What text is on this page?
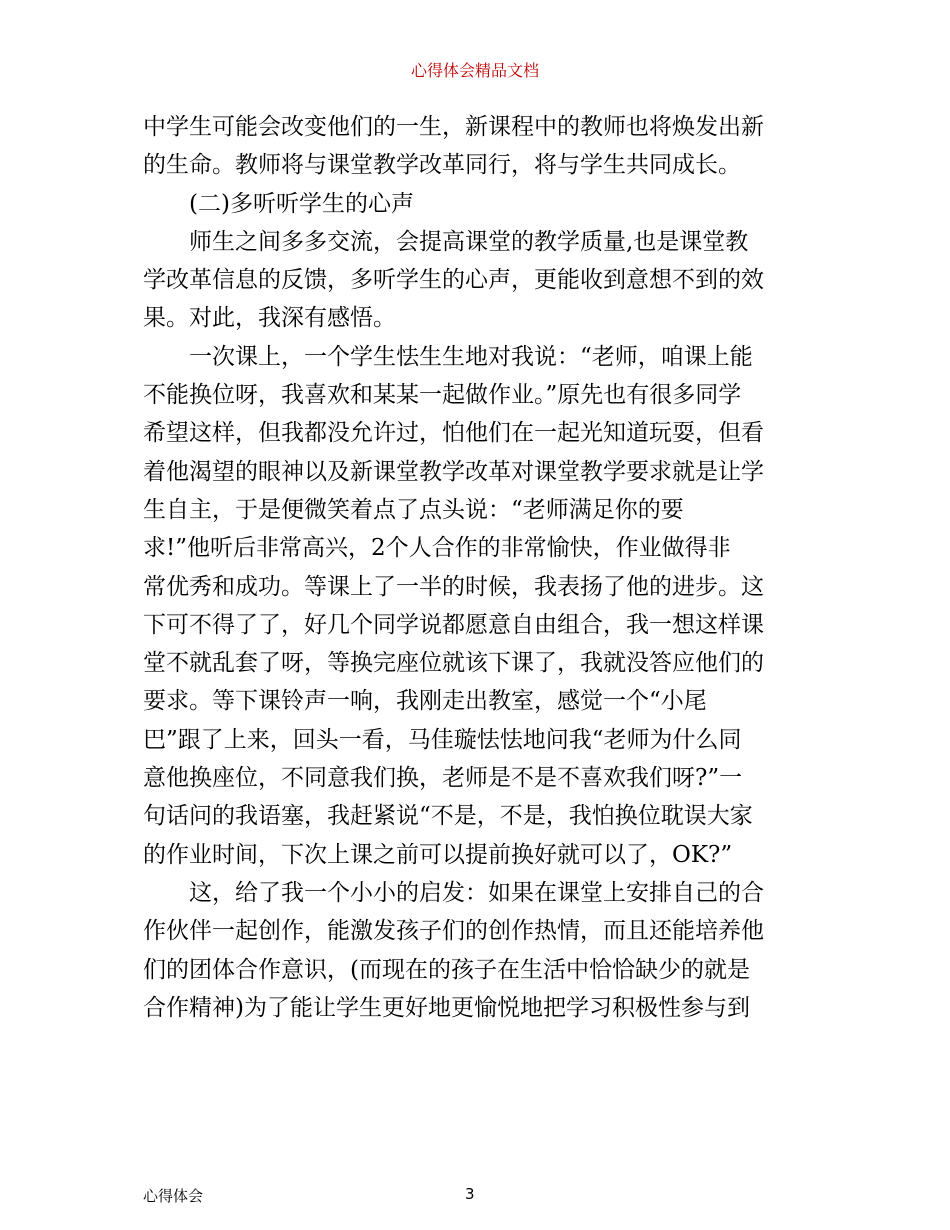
心得体会精品文档
中学生可能会改变他们的一生，新课程中的教师也将焕发出新
的生命。教师将与课堂教学改革同行，将与学生共同成长。
(二)多听听学生的心声
师生之间多多交流，会提高课堂的教学质量,也是课堂教
学改革信息的反馈，多听学生的心声，更能收到意想不到的效
果。对此，我深有感悟。
一次课上，一个学生怯生生地对我说：“老师，咱课上能
不能换位呀，我喜欢和某某一起做作业。”原先也有很多同学
希望这样，但我都没允许过，怕他们在一起光知道玩耍，但看
着他渴望的眼神以及新课堂教学改革对课堂教学要求就是让学
生自主，于是便微笑着点了点头说：“老师满足你的要
求!”他听后非常高兴，2个人合作的非常愉快，作业做得非
常优秀和成功。等课上了一半的时候，我表扬了他的进步。这
下可不得了了，好几个同学说都愿意自由组合，我一想这样课
堂不就乱套了呀，等换完座位就该下课了，我就没答应他们的
要求。等下课铃声一响，我刚走出教室，感觉一个“小尾
巴”跟了上来，回头一看，马佳璇怯怯地问我“老师为什么同
意他换座位，不同意我们换，老师是不是不喜欢我们呀?”一
句话问的我语塞，我赶紧说“不是，不是，我怕换位耽误大家
的作业时间，下次上课之前可以提前换好就可以了，OK?”
这，给了我一个小小的启发：如果在课堂上安排自己的合
作伙伴一起创作，能激发孩子们的创作热情，而且还能培养他
们的团体合作意识，(而现在的孩子在生活中恰恰缺少的就是
合作精神)为了能让学生更好地更愉悦地把学习积极性参与到
心得体会	3
